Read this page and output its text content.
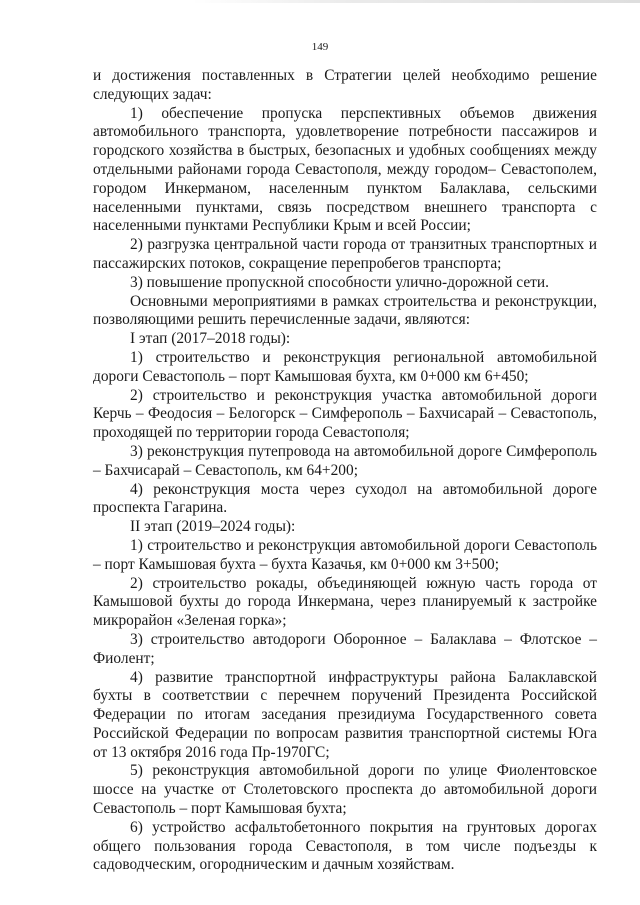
149

и достижения поставленных в Стратегии целей необходимо решение следующих задач:

1) обеспечение пропуска перспективных объемов движения автомобильного транспорта, удовлетворение потребности пассажиров и городского хозяйства в быстрых, безопасных и удобных сообщениях между отдельными районами города Севастополя, между городом– Севастополем, городом Инкерманом, населенным пунктом Балаклава, сельскими населенными пунктами, связь посредством внешнего транспорта с населенными пунктами Республики Крым и всей России;

2) разгрузка центральной части города от транзитных транспортных и пассажирских потоков, сокращение перепробегов транспорта;

3) повышение пропускной способности улично-дорожной сети.

Основными мероприятиями в рамках строительства и реконструкции, позволяющими решить перечисленные задачи, являются:

I этап (2017–2018 годы):

1) строительство и реконструкция региональной автомобильной дороги Севастополь – порт Камышовая бухта, км 0+000 км 6+450;

2) строительство и реконструкция участка автомобильной дороги Керчь – Феодосия – Белогорск – Симферополь – Бахчисарай – Севастополь, проходящей по территории города Севастополя;

3) реконструкция путепровода на автомобильной дороге Симферополь – Бахчисарай – Севастополь, км 64+200;

4) реконструкция моста через суходол на автомобильной дороге проспекта Гагарина.

II этап (2019–2024 годы):

1) строительство и реконструкция автомобильной дороги Севастополь – порт Камышовая бухта – бухта Казачья, км 0+000 км 3+500;

2) строительство рокады, объединяющей южную часть города от Камышовой бухты до города Инкермана, через планируемый к застройке микрорайон «Зеленая горка»;

3) строительство автодороги Оборонное – Балаклава – Флотское – Фиолент;

4) развитие транспортной инфраструктуры района Балаклавской бухты в соответствии с перечнем поручений Президента Российской Федерации по итогам заседания президиума Государственного совета Российской Федерации по вопросам развития транспортной системы Юга от 13 октября 2016 года Пр-1970ГС;

5) реконструкция автомобильной дороги по улице Фиолентовское шоссе на участке от Столетовского проспекта до автомобильной дороги Севастополь – порт Камышовая бухта;

6) устройство асфальтобетонного покрытия на грунтовых дорогах общего пользования города Севастополя, в том числе подъезды к садоводческим, огородническим и дачным хозяйствам.
